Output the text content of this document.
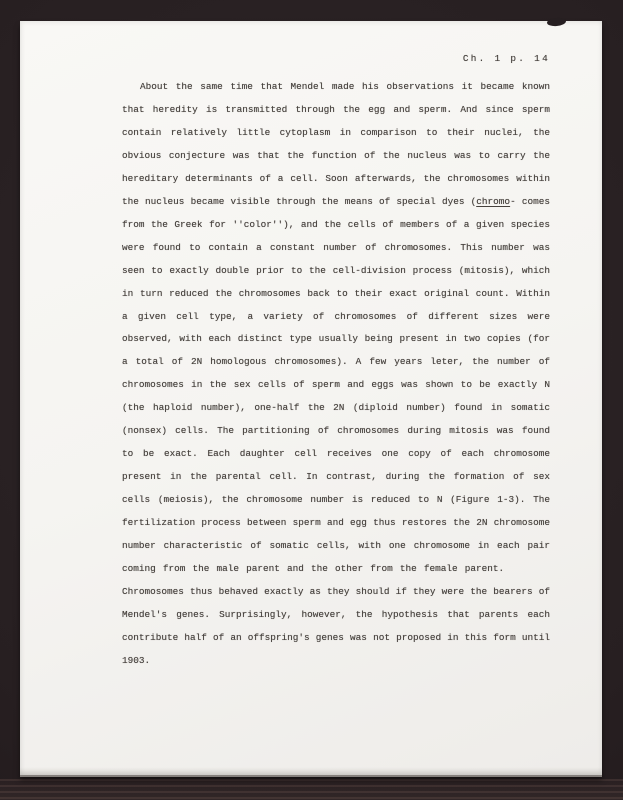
Ch. 1 p. 14
About the same time that Mendel made his observations it became known
that heredity is transmitted through the egg and sperm. And since sperm
contain relatively little cytoplasm in comparison to their nuclei, the
obvious conjecture was that the function of the nucleus was to carry the
hereditary determinants of a cell. Soon afterwards, the chromosomes within
the nucleus became visible through the means of special dyes (chromo- comes
from the Greek for ''color''), and the cells of members of a given species
were found to contain a constant number of chromosomes. This number was
seen to exactly double prior to the cell-division process (mitosis), which
in turn reduced the chromosomes back to their exact original count. Within
a given cell type, a variety of chromosomes of different sizes were
observed, with each distinct type usually being present in two copies (for
a total of 2N homologous chromosomes). A few years leter, the number of
chromosomes in the sex cells of sperm and eggs was shown to be exactly N
(the haploid number), one-half the 2N (diploid number) found in somatic
(nonsex) cells. The partitioning of chromosomes during mitosis was found
to be exact. Each daughter cell receives one copy of each chromosome
present in the parental cell. In contrast, during the formation of sex
cells (meiosis), the chromosome number is reduced to N (Figure 1-3). The
fertilization process between sperm and egg thus restores the 2N chromosome
number characteristic of somatic cells, with one chromosome in each pair
coming from the male parent and the other from the female parent.
Chromosomes thus behaved exactly as they should if they were the bearers of
Mendel's genes. Surprisingly, however, the hypothesis that parents each
contribute half of an offspring's genes was not proposed in this form until
1903.
